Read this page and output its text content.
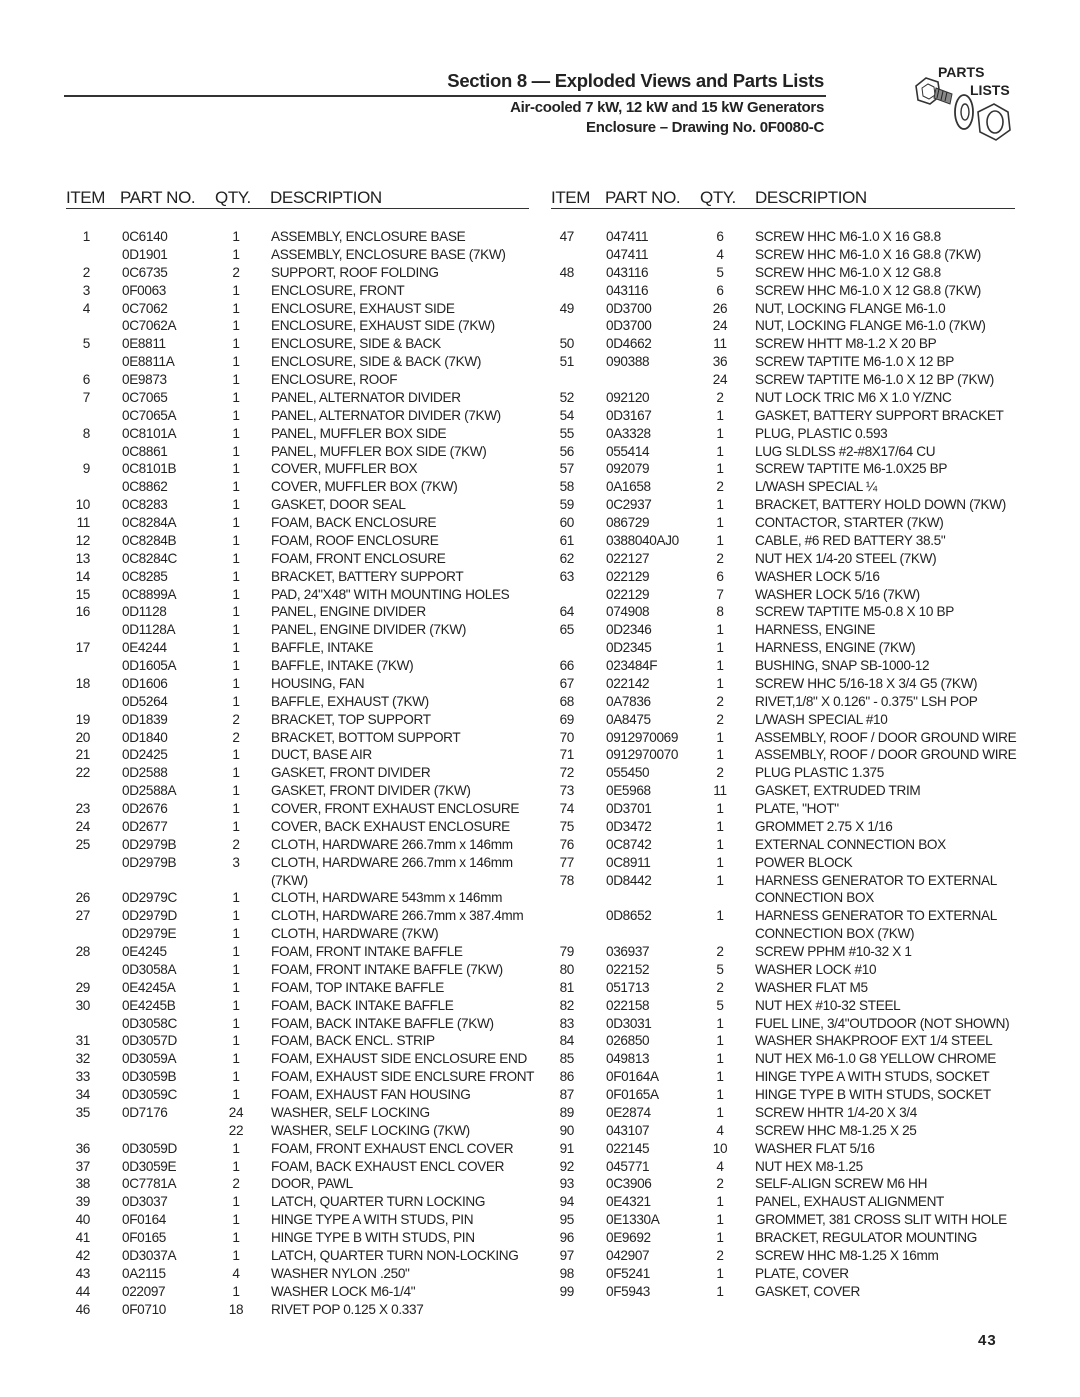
Section 8 — Exploded Views and Parts Lists
Air-cooled 7 kW, 12 kW and 15 kW Generators
Enclosure – Drawing No. 0F0080-C
PARTS
LISTS
ITEM PART NO. QTY. DESCRIPTION	ITEM PART NO. QTY. DESCRIPTION
1 0C6140	1	ASSEMBLY, ENCLOSURE BASE
0D1901	1	ASSEMBLY, ENCLOSURE BASE (7KW)
2 0C6735	2	SUPPORT, ROOF FOLDING
3 0F0063	1	ENCLOSURE, FRONT
4 0C7062	1	ENCLOSURE, EXHAUST SIDE
0C7062A	1	ENCLOSURE, EXHAUST SIDE (7KW)
5 0E8811	1	ENCLOSURE, SIDE & BACK
0E8811A	1	ENCLOSURE, SIDE & BACK (7KW)
6 0E9873	1	ENCLOSURE, ROOF
7 0C7065	1	PANEL, ALTERNATOR DIVIDER
0C7065A	1	PANEL, ALTERNATOR DIVIDER (7KW)
8 0C8101A	1	PANEL, MUFFLER BOX SIDE
0C8861	1	PANEL, MUFFLER BOX SIDE (7KW)
9 0C8101B	1	COVER, MUFFLER BOX
0C8862	1	COVER, MUFFLER BOX (7KW)
10 0C8283	1	GASKET, DOOR SEAL
11 0C8284A	1	FOAM, BACK ENCLOSURE
12 0C8284B	1	FOAM, ROOF ENCLOSURE
13 0C8284C	1	FOAM, FRONT ENCLOSURE
14 0C8285	1	BRACKET, BATTERY SUPPORT
15 0C8899A	1	PAD, 24"X48" WITH MOUNTING HOLES
16 0D1128	1	PANEL, ENGINE DIVIDER
0D1128A	1	PANEL, ENGINE DIVIDER (7KW)
17 0E4244	1	BAFFLE, INTAKE
0D1605A	1	BAFFLE, INTAKE (7KW)
18 0D1606	1	HOUSING, FAN
0D5264	1	BAFFLE, EXHAUST (7KW)
19 0D1839	2	BRACKET, TOP SUPPORT
20 0D1840	2	BRACKET, BOTTOM SUPPORT
21 0D2425	1	DUCT, BASE AIR
22 0D2588	1	GASKET, FRONT DIVIDER
0D2588A	1	GASKET, FRONT DIVIDER (7KW)
23 0D2676	1	COVER, FRONT EXHAUST ENCLOSURE
24 0D2677	1	COVER, BACK EXHAUST ENCLOSURE
25 0D2979B	2	CLOTH, HARDWARE 266.7mm x 146mm
0D2979B	3	CLOTH, HARDWARE 266.7mm x 146mm
(7KW)
26 0D2979C	1	CLOTH, HARDWARE 543mm x 146mm
27 0D2979D	1	CLOTH, HARDWARE 266.7mm x 387.4mm
0D2979E	1	CLOTH, HARDWARE (7KW)
28 0E4245	1	FOAM, FRONT INTAKE BAFFLE
0D3058A	1	FOAM, FRONT INTAKE BAFFLE (7KW)
29 0E4245A	1	FOAM, TOP INTAKE BAFFLE
30 0E4245B	1	FOAM, BACK INTAKE BAFFLE
0D3058C	1	FOAM, BACK INTAKE BAFFLE (7KW)
31 0D3057D	1	FOAM, BACK ENCL. STRIP
32 0D3059A	1	FOAM, EXHAUST SIDE ENCLOSURE END
33 0D3059B	1	FOAM, EXHAUST SIDE ENCLSURE FRONT
34 0D3059C	1	FOAM, EXHAUST FAN HOUSING
35 0D7176	24	WASHER, SELF LOCKING
22	WASHER, SELF LOCKING (7KW)
36 0D3059D	1	FOAM, FRONT EXHAUST ENCL COVER
37 0D3059E	1	FOAM, BACK EXHAUST ENCL COVER
38 0C7781A	2	DOOR, PAWL
39 0D3037	1	LATCH, QUARTER TURN LOCKING
40 0F0164	1	HINGE TYPE A WITH STUDS, PIN
41 0F0165	1	HINGE TYPE B WITH STUDS, PIN
42 0D3037A	1	LATCH, QUARTER TURN NON-LOCKING
43 0A2115	4	WASHER NYLON .250"
44 022097	1	WASHER LOCK M6-1/4"
46 0F0710	18	RIVET POP 0.125 X 0.337
47 047411	6	SCREW HHC M6-1.0 X 16 G8.8
047411	4	SCREW HHC M6-1.0 X 16 G8.8 (7KW)
48 043116	5	SCREW HHC M6-1.0 X 12 G8.8
043116	6	SCREW HHC M6-1.0 X 12 G8.8 (7KW)
49 0D3700	26	NUT, LOCKING FLANGE M6-1.0
0D3700	24	NUT, LOCKING FLANGE M6-1.0 (7KW)
50 0D4662	11	SCREW HHTT M8-1.2 X 20 BP
51 090388	36	SCREW TAPTITE M6-1.0 X 12 BP
24	SCREW TAPTITE M6-1.0 X 12 BP (7KW)
52 092120	2	NUT LOCK TRIC M6 X 1.0 Y/ZNC
54 0D3167	1	GASKET, BATTERY SUPPORT BRACKET
55 0A3328	1	PLUG, PLASTIC 0.593
56 055414	1	LUG SLDLSS #2-#8X17/64 CU
57 092079	1	SCREW TAPTITE M6-1.0X25 BP
58 0A1658	2	L/WASH SPECIAL ¼
59 0C2937	1	BRACKET, BATTERY HOLD DOWN (7KW)
60 086729	1	CONTACTOR, STARTER (7KW)
61 0388040AJ0	1	CABLE, #6 RED BATTERY 38.5"
62 022127	2	NUT HEX 1/4-20 STEEL (7KW)
63 022129	6	WASHER LOCK 5/16
022129	7	WASHER LOCK 5/16 (7KW)
64 074908	8	SCREW TAPTITE M5-0.8 X 10 BP
65 0D2346	1	HARNESS, ENGINE
0D2345	1	HARNESS, ENGINE (7KW)
66 023484F	1	BUSHING, SNAP SB-1000-12
67 022142	1	SCREW HHC 5/16-18 X 3/4 G5 (7KW)
68 0A7836	2	RIVET,1/8" X 0.126" - 0.375" LSH POP
69 0A8475	2	L/WASH SPECIAL #10
70 0912970069	1	ASSEMBLY, ROOF / DOOR GROUND WIRE
71 0912970070	1	ASSEMBLY, ROOF / DOOR GROUND WIRE
72 055450	2	PLUG PLASTIC 1.375
73 0E5968	11	GASKET, EXTRUDED TRIM
74 0D3701	1	PLATE, "HOT"
75 0D3472	1	GROMMET 2.75 X 1/16
76 0C8742	1	EXTERNAL CONNECTION BOX
77 0C8911	1	POWER BLOCK
78 0D8442	1	HARNESS GENERATOR TO EXTERNAL
CONNECTION BOX
0D8652	1	HARNESS GENERATOR TO EXTERNAL
CONNECTION BOX (7KW)
79 036937	2	SCREW PPHM #10-32 X 1
80 022152	5	WASHER LOCK #10
81 051713	2	WASHER FLAT M5
82 022158	5	NUT HEX #10-32 STEEL
83 0D3031	1	FUEL LINE, 3/4"OUTDOOR (NOT SHOWN)
84 026850	1	WASHER SHAKPROOF EXT 1/4 STEEL
85 049813	1	NUT HEX M6-1.0 G8 YELLOW CHROME
86 0F0164A	1	HINGE TYPE A WITH STUDS, SOCKET
87 0F0165A	1	HINGE TYPE B WITH STUDS, SOCKET
89 0E2874	1	SCREW HHTR 1/4-20 X 3/4
90 043107	4	SCREW HHC M8-1.25 X 25
91 022145	10	WASHER FLAT 5/16
92 045771	4	NUT HEX M8-1.25
93 0C3906	2	SELF-ALIGN SCREW M6 HH
94 0E4321	1	PANEL, EXHAUST ALIGNMENT
95 0E1330A	1	GROMMET, 381 CROSS SLIT WITH HOLE
96 0E9692	1	BRACKET, REGULATOR MOUNTING
97 042907	2	SCREW HHC M8-1.25 X 16mm
98 0F5241	1	PLATE, COVER
99 0F5943	1	GASKET, COVER
43
